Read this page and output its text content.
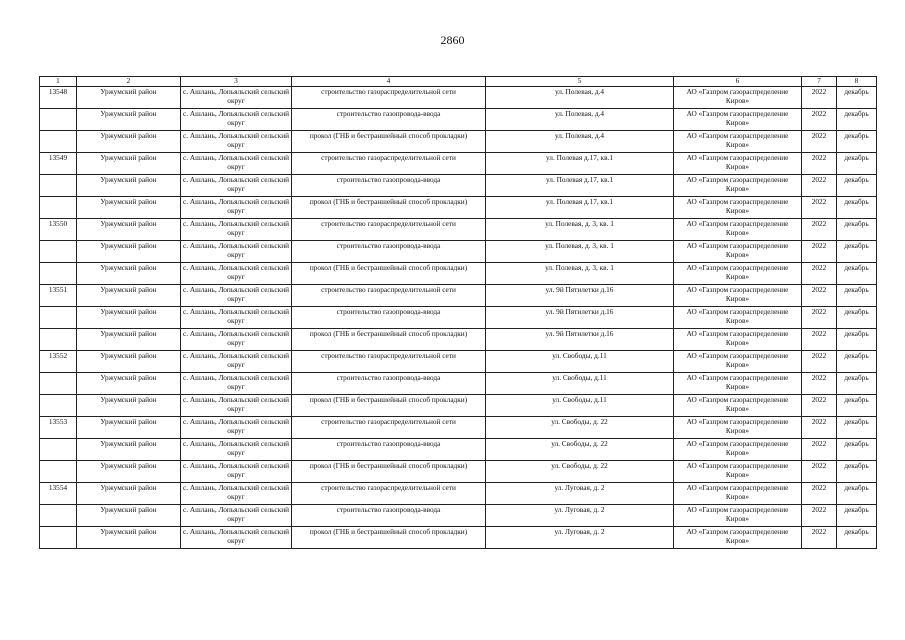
2860
1	2	3	4	5	6	7	8
13548	Уржумский район	с. Ашлань, Лопьяльский сельский округ	строительство газораспределительной сети	ул. Полевая, д.4	АО «Газпром газораспределение Киров»	2022	декабрь
	Уржумский район	с. Ашлань, Лопьяльский сельский округ	строительство газопровода-ввода	ул. Полевая, д.4	АО «Газпром газораспределение Киров»	2022	декабрь
	Уржумский район	с. Ашлань, Лопьяльский сельский округ	прокол (ГНБ и бестраншейный способ прокладки)	ул. Полевая, д.4	АО «Газпром газораспределение Киров»	2022	декабрь
13549	Уржумский район	с. Ашлань, Лопьяльский сельский округ	строительство газораспределительной сети	ул. Полевая д.17, кв.1	АО «Газпром газораспределение Киров»	2022	декабрь
	Уржумский район	с. Ашлань, Лопьяльский сельский округ	строительство газопровода-ввода	ул. Полевая д.17, кв.1	АО «Газпром газораспределение Киров»	2022	декабрь
	Уржумский район	с. Ашлань, Лопьяльский сельский округ	прокол (ГНБ и бестраншейный способ прокладки)	ул. Полевая д.17, кв.1	АО «Газпром газораспределение Киров»	2022	декабрь
13550	Уржумский район	с. Ашлань, Лопьяльский сельский округ	строительство газораспределительной сети	ул. Полевая, д. 3, кв. 1	АО «Газпром газораспределение Киров»	2022	декабрь
	Уржумский район	с. Ашлань, Лопьяльский сельский округ	строительство газопровода-ввода	ул. Полевая, д. 3, кв. 1	АО «Газпром газораспределение Киров»	2022	декабрь
	Уржумский район	с. Ашлань, Лопьяльский сельский округ	прокол (ГНБ и бестраншейный способ прокладки)	ул. Полевая, д. 3, кв. 1	АО «Газпром газораспределение Киров»	2022	декабрь
13551	Уржумский район	с. Ашлань, Лопьяльский сельский округ	строительство газораспределительной сети	ул. 9й Пятилетки д.16	АО «Газпром газораспределение Киров»	2022	декабрь
	Уржумский район	с. Ашлань, Лопьяльский сельский округ	строительство газопровода-ввода	ул. 9й Пятилетки д.16	АО «Газпром газораспределение Киров»	2022	декабрь
	Уржумский район	с. Ашлань, Лопьяльский сельский округ	прокол (ГНБ и бестраншейный способ прокладки)	ул. 9й Пятилетки д.16	АО «Газпром газораспределение Киров»	2022	декабрь
13552	Уржумский район	с. Ашлань, Лопьяльский сельский округ	строительство газораспределительной сети	ул. Свободы, д.11	АО «Газпром газораспределение Киров»	2022	декабрь
	Уржумский район	с. Ашлань, Лопьяльский сельский округ	строительство газопровода-ввода	ул. Свободы, д.11	АО «Газпром газораспределение Киров»	2022	декабрь
	Уржумский район	с. Ашлань, Лопьяльский сельский округ	прокол (ГНБ и бестраншейный способ прокладки)	ул. Свободы, д.11	АО «Газпром газораспределение Киров»	2022	декабрь
13553	Уржумский район	с. Ашлань, Лопьяльский сельский округ	строительство газораспределительной сети	ул. Свободы, д. 22	АО «Газпром газораспределение Киров»	2022	декабрь
	Уржумский район	с. Ашлань, Лопьяльский сельский округ	строительство газопровода-ввода	ул. Свободы, д. 22	АО «Газпром газораспределение Киров»	2022	декабрь
	Уржумский район	с. Ашлань, Лопьяльский сельский округ	прокол (ГНБ и бестраншейный способ прокладки)	ул. Свободы, д. 22	АО «Газпром газораспределение Киров»	2022	декабрь
13554	Уржумский район	с. Ашлань, Лопьяльский сельский округ	строительство газораспределительной сети	ул. Луговая, д. 2	АО «Газпром газораспределение Киров»	2022	декабрь
	Уржумский район	с. Ашлань, Лопьяльский сельский округ	строительство газопровода-ввода	ул. Луговая, д. 2	АО «Газпром газораспределение Киров»	2022	декабрь
	Уржумский район	с. Ашлань, Лопьяльский сельский округ	прокол (ГНБ и бестраншейный способ прокладки)	ул. Луговая, д. 2	АО «Газпром газораспределение Киров»	2022	декабрь
